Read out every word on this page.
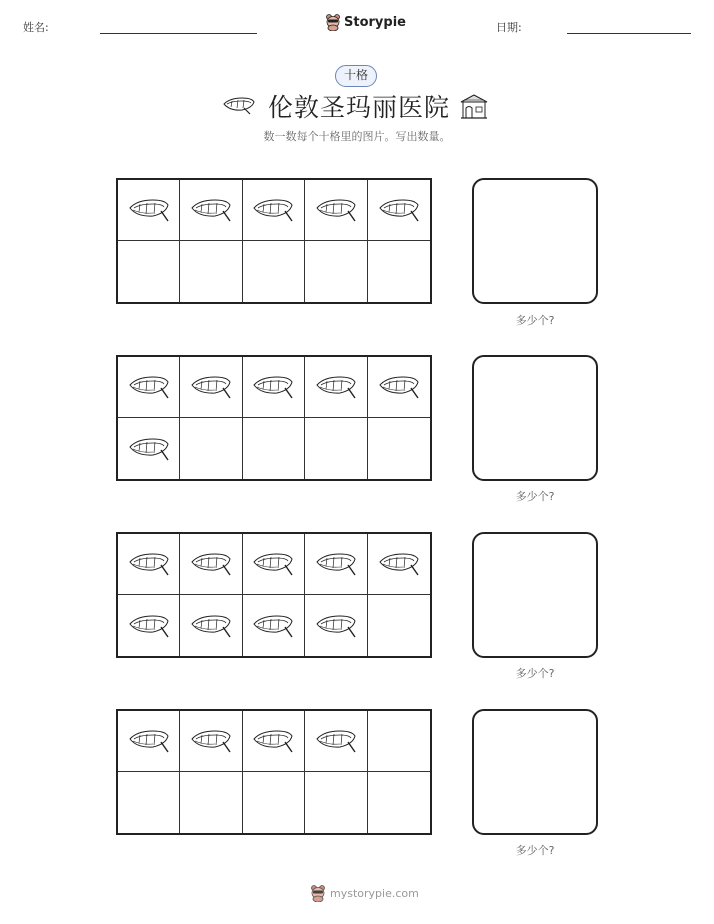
姓名:	Storypie	日期:
十格
伦敦圣玛丽医院
数一数每个十格里的图片。写出数量。
多少个?
多少个?
多少个?
多少个?
mystorypie.com
